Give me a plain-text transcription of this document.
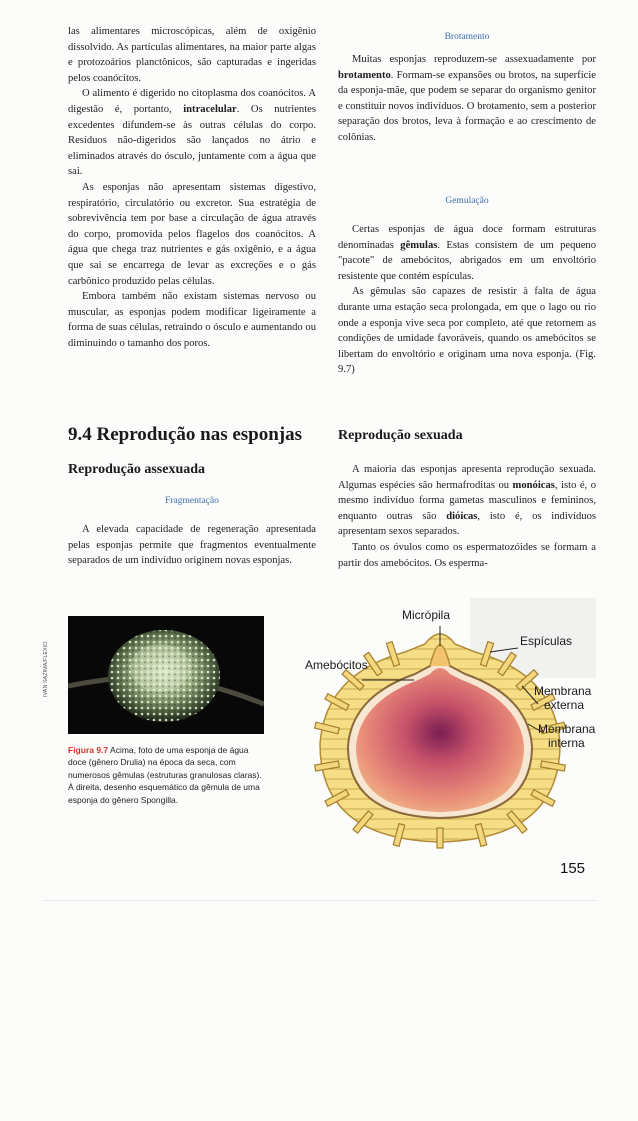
las alimentares microscópicas, além de oxigênio dissolvido. As partículas alimentares, na maior parte algas e protozoários planctônicos, são capturadas e ingeridas pelos coanócitos.

O alimento é digerido no citoplasma dos coanócitos. A digestão é, portanto, intracelular. Os nutrientes excedentes difundem-se às outras células do corpo. Resíduos não-digeridos são lançados no átrio e eliminados através do ósculo, juntamente com a água que sai.

As esponjas não apresentam sistemas digestivo, respiratório, circulatório ou excretor. Sua estratégia de sobrevivência tem por base a circulação de água através do corpo, promovida pelos flagelos dos coanócitos. A água que chega traz nutrientes e gás oxigênio, e a água que sai se encarrega de levar as excreções e o gás carbônico produzido pelas células.

Embora também não existam sistemas nervoso ou muscular, as esponjas podem modificar ligeiramente a forma de suas células, retraindo o ósculo e aumentando ou diminuindo o tamanho dos poros.

9.4 Reprodução nas esponjas
Reprodução assexuada
Fragmentação

A elevada capacidade de regeneração apresentada pelas esponjas permite que fragmentos eventualmente separados de um indivíduo originem novas esponjas.

Brotamento

Muitas esponjas reproduzem-se assexuadamente por brotamento. Formam-se expansões ou brotos, na superfície da esponja-mãe, que podem se separar do organismo genitor e constituir novos indivíduos. O brotamento, sem a posterior separação dos brotos, leva à formação e ao crescimento de colônias.

Gemulação

Certas esponjas de água doce formam estruturas denominadas gêmulas. Estas consistem de um pequeno "pacote" de amebócitos, abrigados em um envoltório resistente que contém espículas.

As gêmulas são capazes de resistir à falta de água durante uma estação seca prolongada, em que o lago ou rio onde a esponja vive seca por completo, até que retornem as condições de umidade favoráveis, quando os amebócitos se libertam do envoltório e originam uma nova esponja. (Fig. 9.7)

Reprodução sexuada

A maioria das esponjas apresenta reprodução sexuada. Algumas espécies são hermafroditas ou monóicas, isto é, o mesmo indivíduo forma gametas masculinos e femininos, enquanto outras são dióicas, isto é, os indivíduos apresentam sexos separados.

Tanto os óvulos como os espermatozóides se formam a partir dos amebócitos. Os esperma-

IVAN SAZIMA/FLEXIO
Figura 9.7 Acima, foto de uma esponja de água doce (gênero Drulia) na época da seca, com numerosos gêmulas (estruturas granulosas claras). À direita, desenho esquemático da gêmula de uma esponja do gênero Spongilla.
Micrópila
Amebócitos
Espículas
Membrana
externa
Membrana
interna
155
